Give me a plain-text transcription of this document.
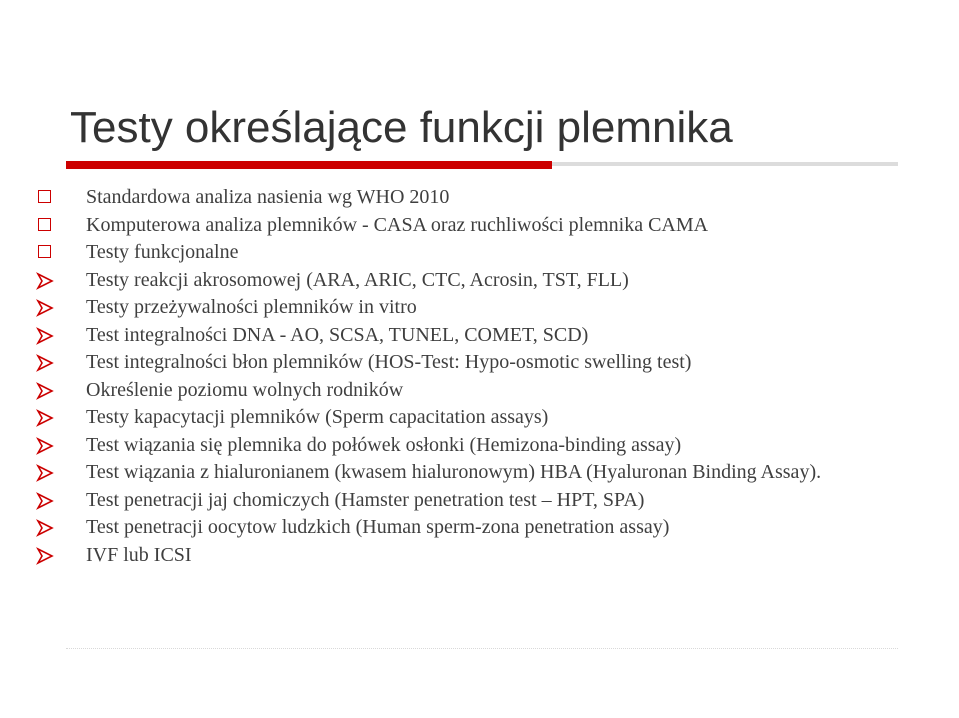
Testy określające funkcji plemnika
Standardowa analiza nasienia wg WHO 2010
Komputerowa analiza plemników - CASA oraz ruchliwości plemnika CAMA
Testy funkcjonalne
Testy reakcji akrosomowej (ARA, ARIC, CTC, Acrosin, TST, FLL)
Testy przeżywalności plemników in vitro
Test integralności DNA - AO, SCSA, TUNEL, COMET, SCD)
Test integralności błon plemników (HOS-Test: Hypo-osmotic swelling test)
Określenie poziomu wolnych rodników
Testy kapacytacji plemników (Sperm capacitation assays)
Test wiązania się plemnika do połówek osłonki (Hemizona-binding assay)
Test wiązania z hialuronianem (kwasem hialuronowym) HBA (Hyaluronan Binding Assay).
Test penetracji jaj chomiczych (Hamster penetration test – HPT, SPA)
Test penetracji oocytow ludzkich (Human sperm-zona penetration assay)
IVF lub ICSI
